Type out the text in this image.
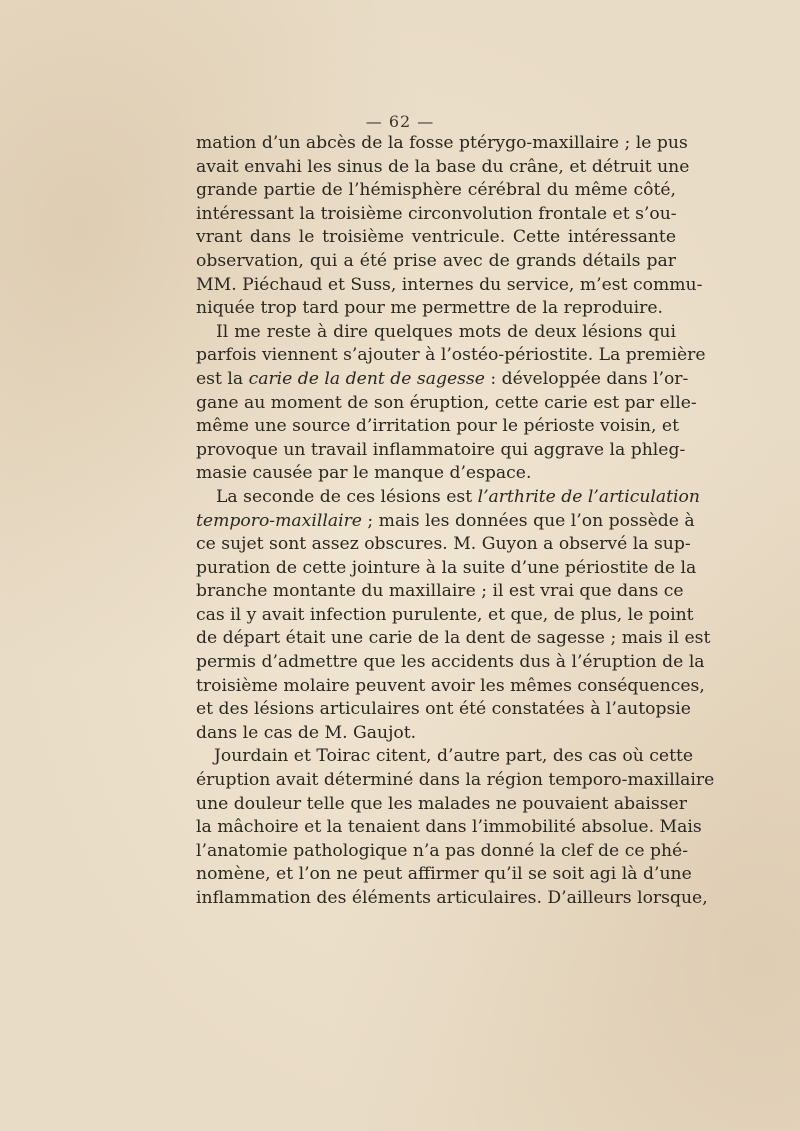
— 62 —
mation d’un abcès de la fosse ptérygo-maxillaire ; le pus
avait envahi les sinus de la base du crâne, et détruit une
grande partie de l’hémisphère cérébral du même côté,
intéressant la troisième circonvolution frontale et s’ou-
vrant dans le troisième ventricule. Cette intéressante
observation, qui a été prise avec de grands détails par
MM. Piéchaud et Suss, internes du service, m’est commu-
niquée trop tard pour me permettre de la reproduire.
Il me reste à dire quelques mots de deux lésions qui
parfois viennent s’ajouter à l’ostéo-périostite. La première
est la carie de la dent de sagesse : développée dans l’or-
gane au moment de son éruption, cette carie est par elle-
même une source d’irritation pour le périoste voisin, et
provoque un travail inflammatoire qui aggrave la phleg-
masie causée par le manque d’espace.
La seconde de ces lésions est l’arthrite de l’articulation
temporo-maxillaire ; mais les données que l’on possède à
ce sujet sont assez obscures. M. Guyon a observé la sup-
puration de cette jointure à la suite d’une périostite de la
branche montante du maxillaire ; il est vrai que dans ce
cas il y avait infection purulente, et que, de plus, le point
de départ était une carie de la dent de sagesse ; mais il est
permis d’admettre que les accidents dus à l’éruption de la
troisième molaire peuvent avoir les mêmes conséquences,
et des lésions articulaires ont été constatées à l’autopsie
dans le cas de M. Gaujot.
Jourdain et Toirac citent, d’autre part, des cas où cette
éruption avait déterminé dans la région temporo-maxillaire
une douleur telle que les malades ne pouvaient abaisser
la mâchoire et la tenaient dans l’immobilité absolue. Mais
l’anatomie pathologique n’a pas donné la clef de ce phé-
nomène, et l’on ne peut affirmer qu’il se soit agi là d’une
inflammation des éléments articulaires. D’ailleurs lorsque,
